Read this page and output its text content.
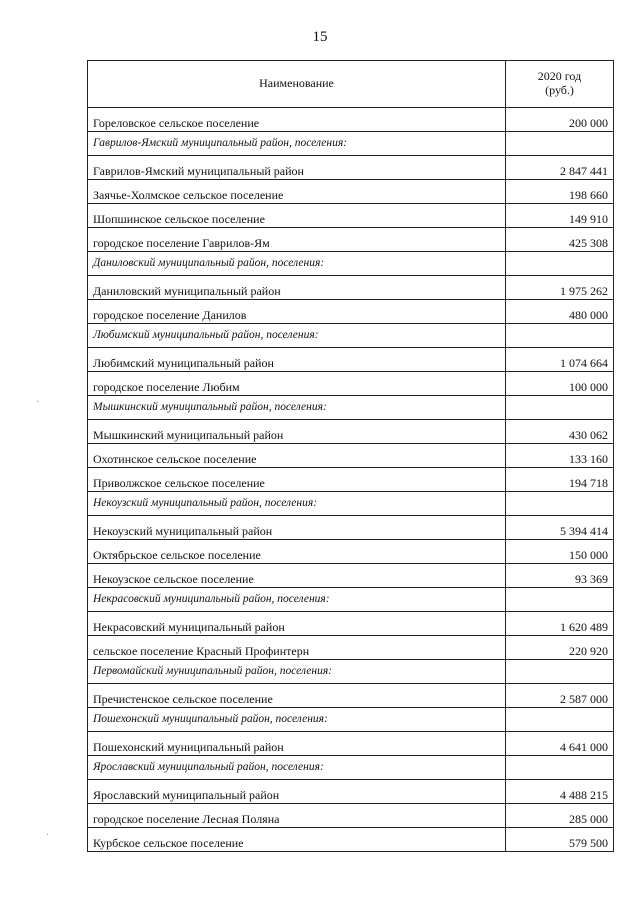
15
Наименование	2020 год
(руб.)
Гореловское сельское поселение	200 000
Гаврилов-Ямский муниципальный район, поселения:	
Гаврилов-Ямский муниципальный район	2 847 441
Заячье-Холмское сельское поселение	198 660
Шопшинское сельское поселение	149 910
городское поселение Гаврилов-Ям	425 308
Даниловский муниципальный район, поселения:	
Даниловский муниципальный район	1 975 262
городское поселение Данилов	480 000
Любимский муниципальный район, поселения:	
Любимский муниципальный район	1 074 664
городское поселение Любим	100 000
Мышкинский муниципальный район, поселения:	
Мышкинский муниципальный район	430 062
Охотинское сельское поселение	133 160
Приволжское сельское поселение	194 718
Некоузский муниципальный район, поселения:	
Некоузский муниципальный район	5 394 414
Октябрьское сельское поселение	150 000
Некоузское сельское поселение	93 369
Некрасовский муниципальный район, поселения:	
Некрасовский муниципальный район	1 620 489
сельское поселение Красный Профинтерн	220 920
Первомайский муниципальный район, поселения:	
Пречистенское сельское поселение	2 587 000
Пошехонский муниципальный район, поселения:	
Пошехонский муниципальный район	4 641 000
Ярославский муниципальный район, поселения:	
Ярославский муниципальный район	4 488 215
городское поселение Лесная Поляна	285 000
Курбское сельское поселение	579 500
·
·
